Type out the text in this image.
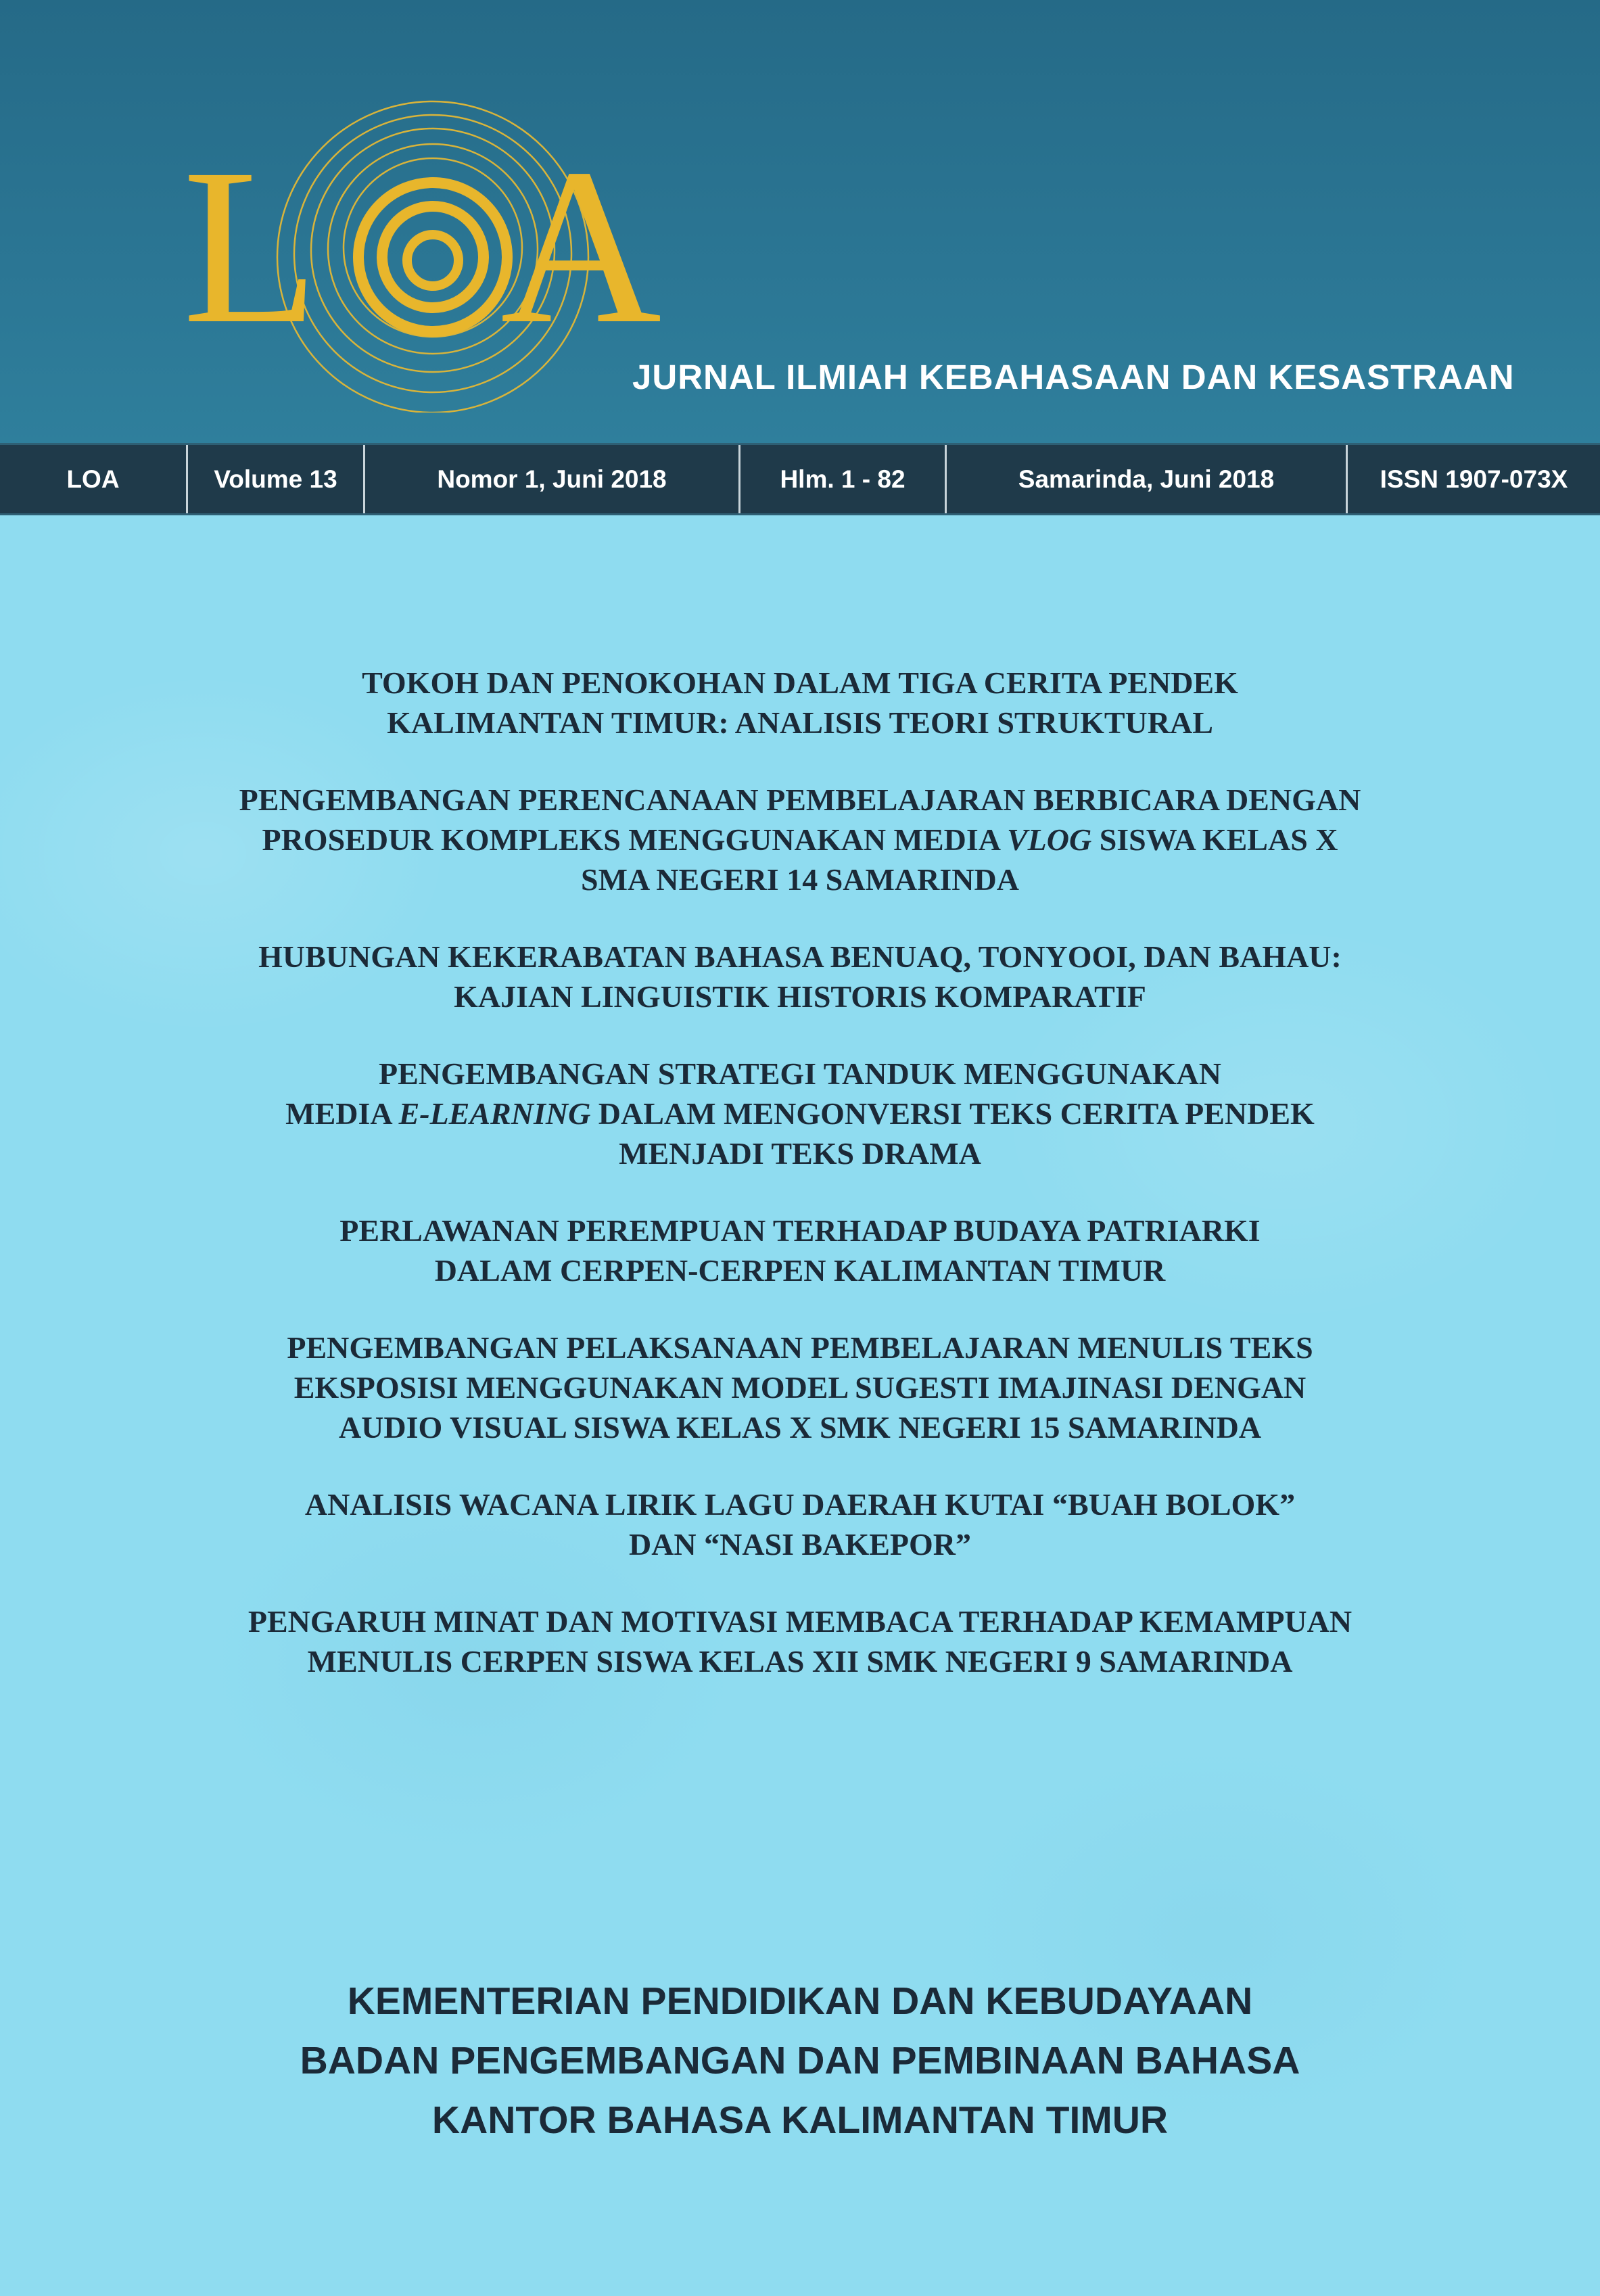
L A
JURNAL ILMIAH KEBAHASAAN DAN KESASTRAAN
LOA	Volume 13	Nomor 1, Juni 2018	Hlm. 1 - 82	Samarinda, Juni 2018	ISSN 1907-073X
TOKOH DAN PENOKOHAN DALAM TIGA CERITA PENDEK
KALIMANTAN TIMUR: ANALISIS TEORI STRUKTURAL
PENGEMBANGAN PERENCANAAN PEMBELAJARAN BERBICARA DENGAN
PROSEDUR KOMPLEKS MENGGUNAKAN MEDIA VLOG SISWA KELAS X
SMA NEGERI 14 SAMARINDA
HUBUNGAN KEKERABATAN BAHASA BENUAQ, TONYOOI, DAN BAHAU:
KAJIAN LINGUISTIK HISTORIS KOMPARATIF
PENGEMBANGAN STRATEGI TANDUK MENGGUNAKAN
MEDIA E-LEARNING DALAM MENGONVERSI TEKS CERITA PENDEK
MENJADI TEKS DRAMA
PERLAWANAN PEREMPUAN TERHADAP BUDAYA PATRIARKI
DALAM CERPEN-CERPEN KALIMANTAN TIMUR
PENGEMBANGAN PELAKSANAAN PEMBELAJARAN MENULIS TEKS
EKSPOSISI MENGGUNAKAN MODEL SUGESTI IMAJINASI DENGAN
AUDIO VISUAL SISWA KELAS X SMK NEGERI 15 SAMARINDA
ANALISIS WACANA LIRIK LAGU DAERAH KUTAI “BUAH BOLOK”
DAN “NASI BAKEPOR”
PENGARUH MINAT DAN MOTIVASI MEMBACA TERHADAP KEMAMPUAN
MENULIS CERPEN SISWA KELAS XII SMK NEGERI 9 SAMARINDA
KEMENTERIAN PENDIDIKAN DAN KEBUDAYAAN
BADAN PENGEMBANGAN DAN PEMBINAAN BAHASA
KANTOR BAHASA KALIMANTAN TIMUR
